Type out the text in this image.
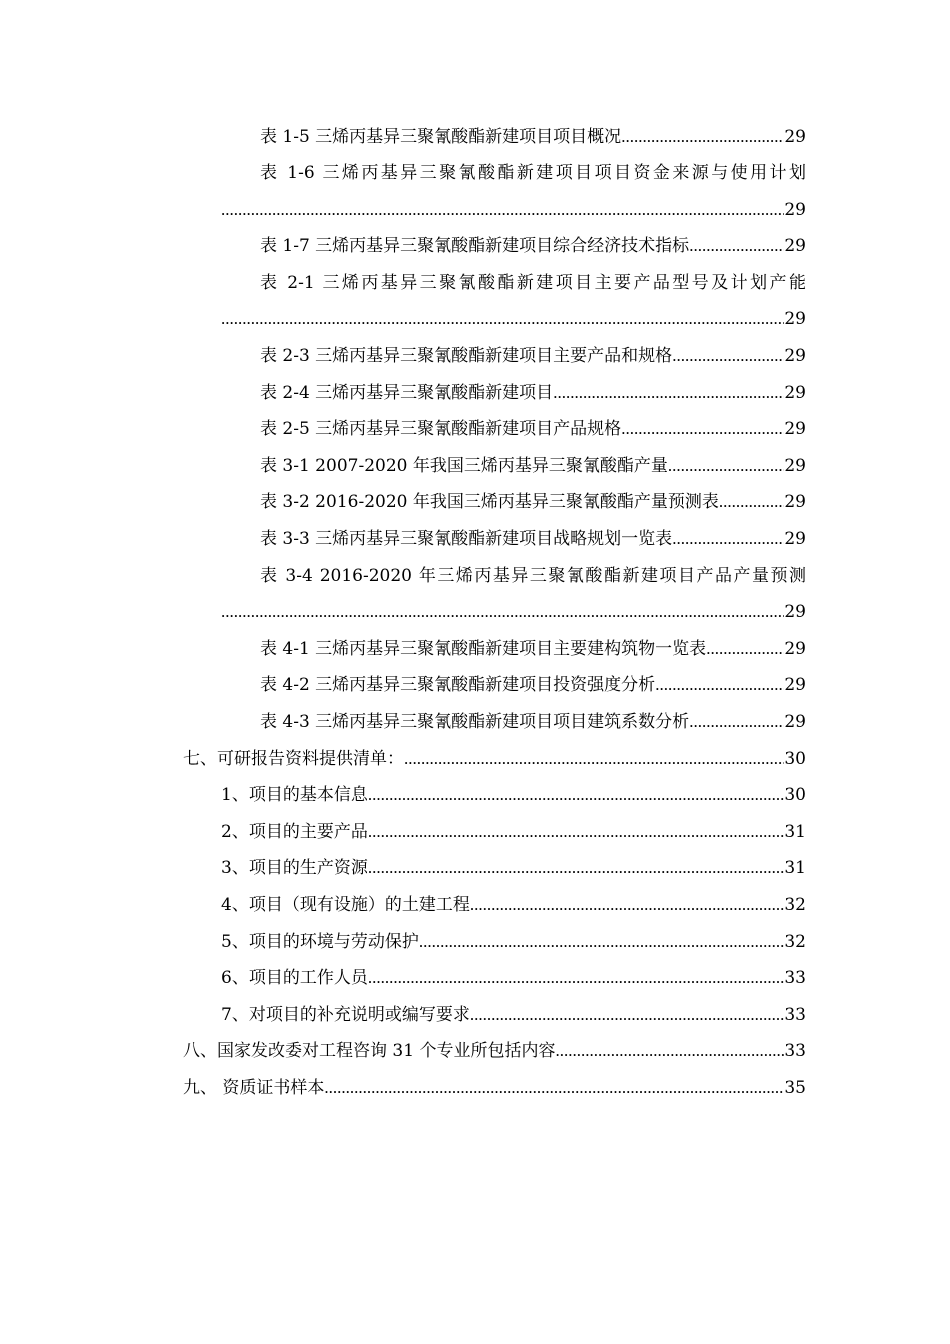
表 1-5 三烯丙基异三聚氰酸酯新建项目项目概况 .....	29
表 1-6 三烯丙基异三聚氰酸酯新建项目项目资金来源与使用计划
.....
29
表 1-7 三烯丙基异三聚氰酸酯新建项目综合经济技术指标 .....	29
表 2-1 三烯丙基异三聚氰酸酯新建项目主要产品型号及计划产能
.....
29
表 2-3 三烯丙基异三聚氰酸酯新建项目主要产品和规格 .....	29
表 2-4 三烯丙基异三聚氰酸酯新建项目 .....	29
表 2-5 三烯丙基异三聚氰酸酯新建项目产品规格 .....	29
表 3-1 2007-2020 年我国三烯丙基异三聚氰酸酯产量 .....	29
表 3-2 2016-2020 年我国三烯丙基异三聚氰酸酯产量预测表 .....	29
表 3-3 三烯丙基异三聚氰酸酯新建项目战略规划一览表 .....	29
表 3-4 2016-2020 年三烯丙基异三聚氰酸酯新建项目产品产量预测
.....
29
表 4-1 三烯丙基异三聚氰酸酯新建项目主要建构筑物一览表 .....	29
表 4-2 三烯丙基异三聚氰酸酯新建项目投资强度分析 .....	29
表 4-3 三烯丙基异三聚氰酸酯新建项目项目建筑系数分析 .....	29
七、可研报告资料提供清单： .....	30
1、项目的基本信息 .....	30
2、项目的主要产品 .....	31
3、项目的生产资源 .....	31
4、项目（现有设施）的土建工程 .....	32
5、项目的环境与劳动保护 .....	32
6、项目的工作人员 .....	33
7、对项目的补充说明或编写要求 .....	33
八、国家发改委对工程咨询 31 个专业所包括内容 .....	33
九、 资质证书样本 .....	35
